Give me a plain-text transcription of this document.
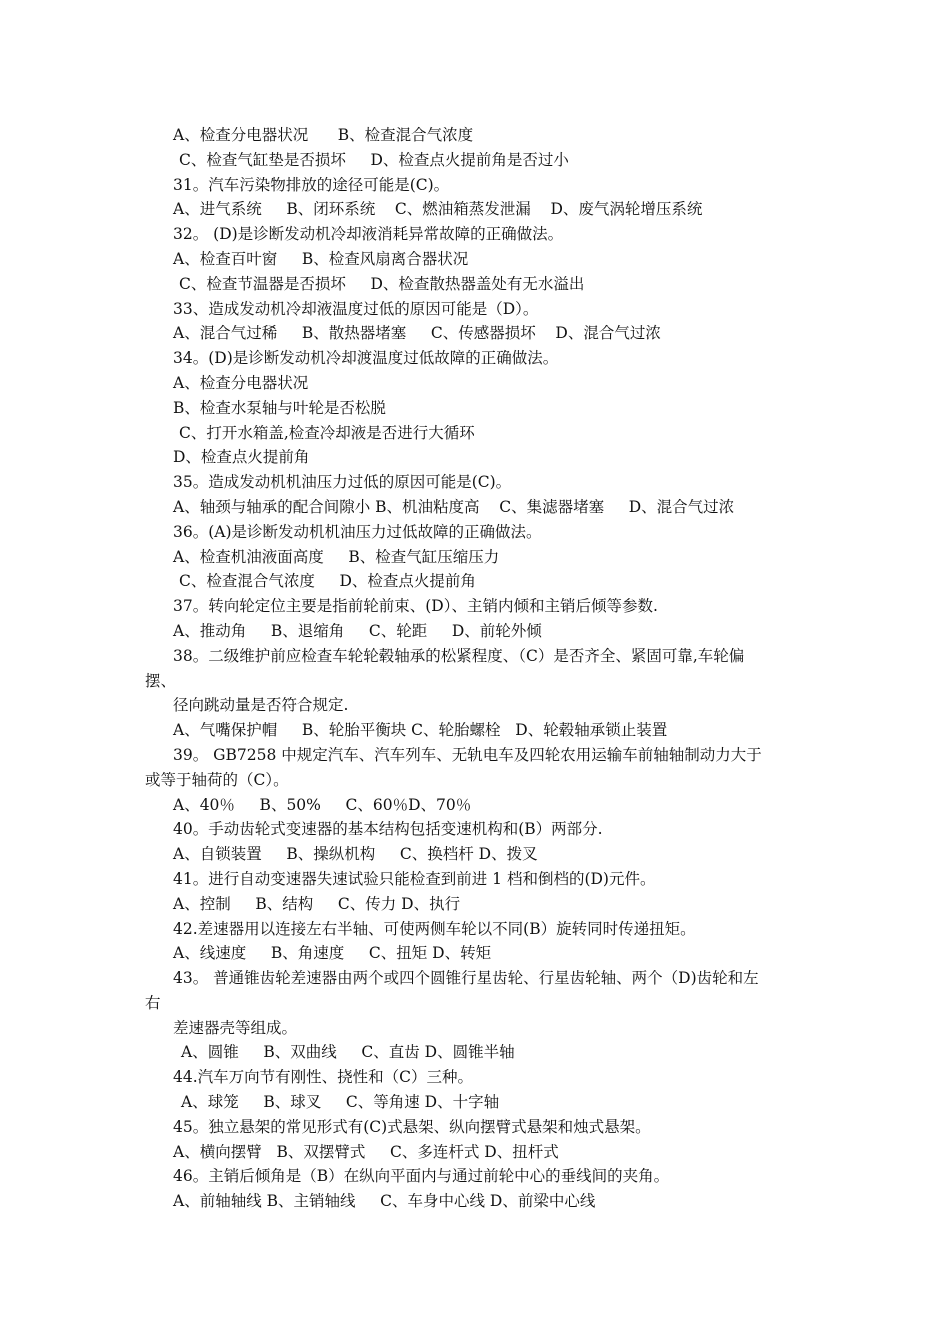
A、检查分电器状况      B、检查混合气浓度
C、检查气缸垫是否损坏     D、检查点火提前角是否过小
31。汽车污染物排放的途径可能是(C)。
A、进气系统     B、闭环系统    C、燃油箱蒸发泄漏    D、废气涡轮增压系统
32。 (D)是诊断发动机冷却液消耗异常故障的正确做法。
A、检查百叶窗     B、检查风扇离合器状况
C、检查节温器是否损坏     D、检查散热器盖处有无水溢出
33、造成发动机冷却液温度过低的原因可能是（D）。
A、混合气过稀     B、散热器堵塞     C、传感器损坏    D、混合气过浓
34。(D)是诊断发动机冷却渡温度过低故障的正确做法。
A、检查分电器状况
B、检查水泵轴与叶轮是否松脱
C、打开水箱盖,检查冷却液是否进行大循环
D、检查点火提前角
35。造成发动机机油压力过低的原因可能是(C)。
A、轴颈与轴承的配合间隙小 B、机油粘度高    C、集滤器堵塞     D、混合气过浓
36。(A)是诊断发动机机油压力过低故障的正确做法。
A、检查机油液面高度     B、检查气缸压缩压力
C、检查混合气浓度     D、检查点火提前角
37。转向轮定位主要是指前轮前束、(D）、主销内倾和主销后倾等参数.
A、推动角     B、退缩角     C、轮距     D、前轮外倾
38。二级维护前应检查车轮轮毂轴承的松紧程度、（C）是否齐全、紧固可靠,车轮偏
摆、
径向跳动量是否符合规定.
A、气嘴保护帽     B、轮胎平衡块 C、轮胎螺栓   D、轮毂轴承锁止装置
39。 GB7258 中规定汽车、汽车列车、无轨电车及四轮农用运输车前轴轴制动力大于
或等于轴荷的（C）。
A、40％     B、50%     C、60％D、70％
40。手动齿轮式变速器的基本结构包括变速机构和(B）两部分.
A、自锁装置     B、操纵机构     C、换档杆 D、拨叉
41。进行自动变速器失速试验只能检查到前进 1 档和倒档的(D)元件。
A、控制     B、结构     C、传力 D、执行
42.差速器用以连接左右半轴、可使两侧车轮以不同(B）旋转同时传递扭矩。
A、线速度     B、角速度     C、扭矩 D、转矩
43。 普通锥齿轮差速器由两个或四个圆锥行星齿轮、行星齿轮轴、两个（D)齿轮和左
右
差速器壳等组成。
A、圆锥     B、双曲线     C、直齿 D、圆锥半轴
44.汽车万向节有刚性、挠性和（C）三种。
A、球笼     B、球叉     C、等角速 D、十字轴
45。独立悬架的常见形式有(C)式悬架、纵向摆臂式悬架和烛式悬架。
A、横向摆臂   B、双摆臂式     C、多连杆式 D、扭杆式
46。主销后倾角是（B）在纵向平面内与通过前轮中心的垂线间的夹角。
A、前轴轴线 B、主销轴线     C、车身中心线 D、前梁中心线
